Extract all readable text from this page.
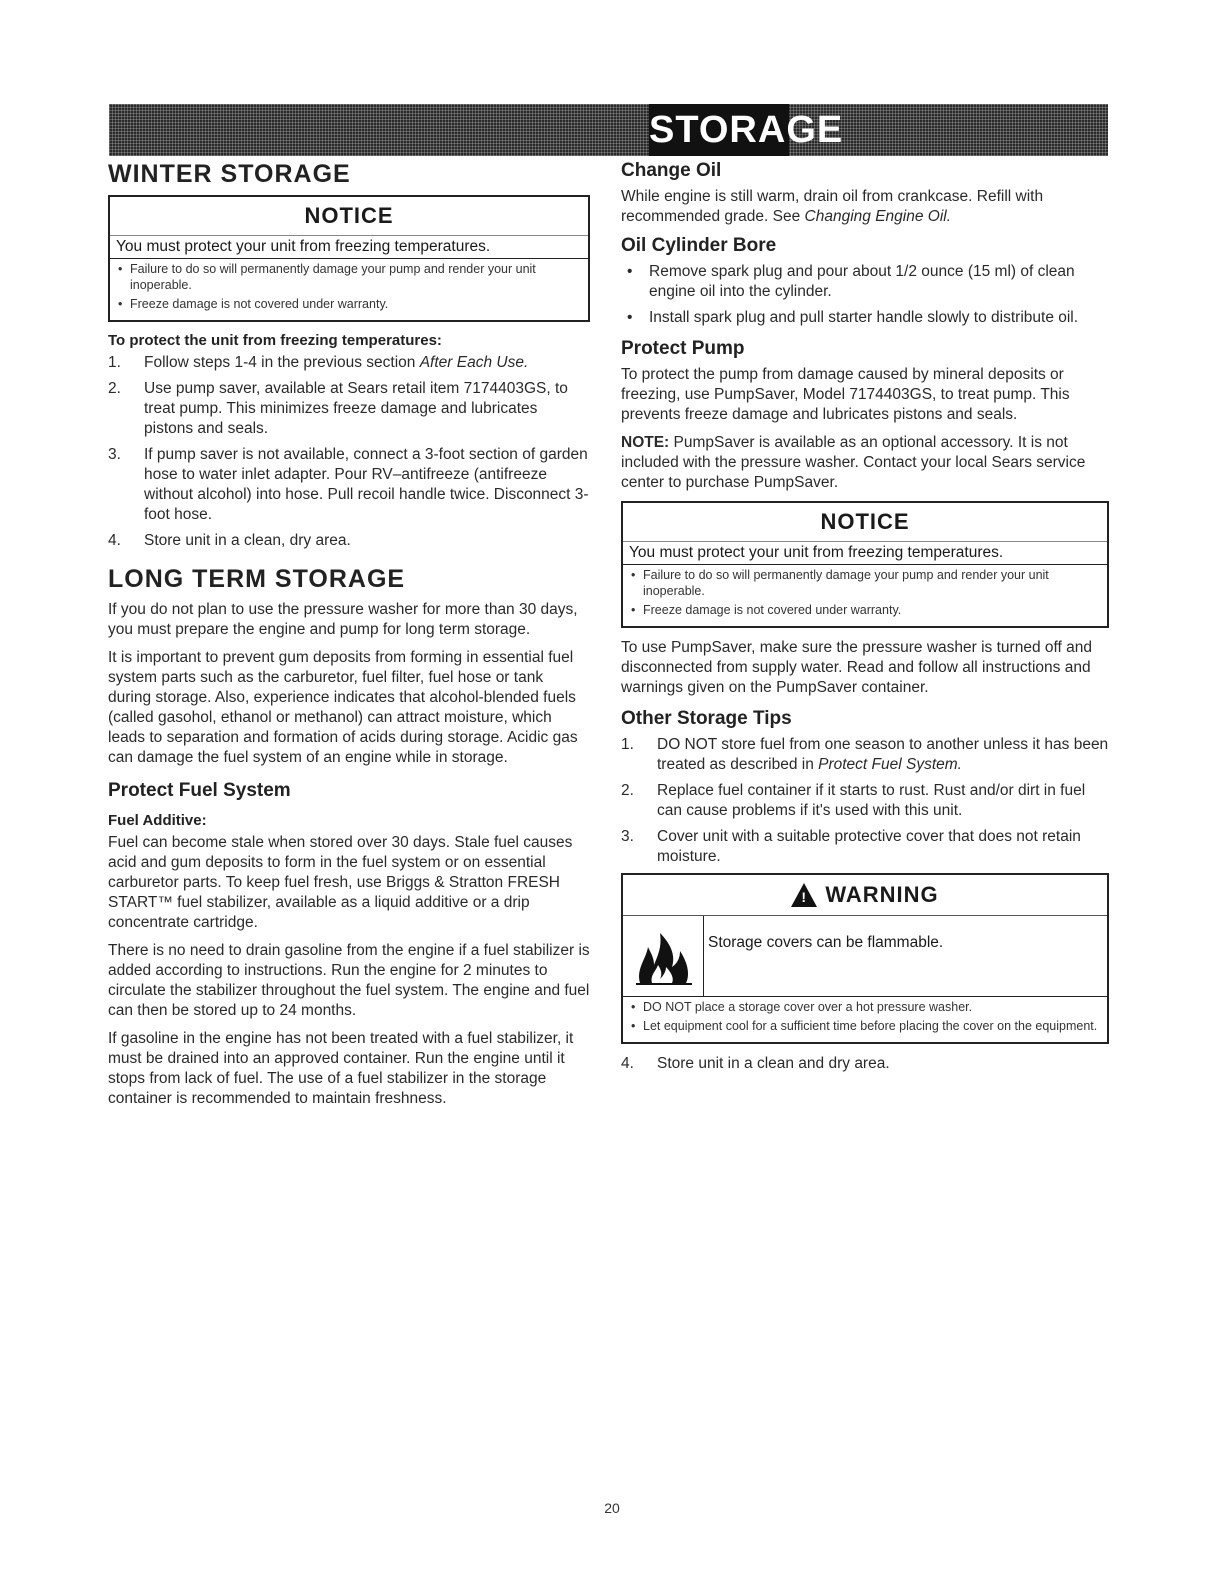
STORAGE
WINTER STORAGE
NOTICE
You must protect your unit from freezing temperatures.
• Failure to do so will permanently damage your pump and render your unit inoperable.
• Freeze damage is not covered under warranty.
To protect the unit from freezing temperatures:
1. Follow steps 1-4 in the previous section After Each Use.
2. Use pump saver, available at Sears retail item 7174403GS, to treat pump. This minimizes freeze damage and lubricates pistons and seals.
3. If pump saver is not available, connect a 3-foot section of garden hose to water inlet adapter. Pour RV–antifreeze (antifreeze without alcohol) into hose. Pull recoil handle twice. Disconnect 3-foot hose.
4. Store unit in a clean, dry area.
LONG TERM STORAGE

If you do not plan to use the pressure washer for more than 30 days, you must prepare the engine and pump for long term storage.

It is important to prevent gum deposits from forming in essential fuel system parts such as the carburetor, fuel filter, fuel hose or tank during storage. Also, experience indicates that alcohol-blended fuels (called gasohol, ethanol or methanol) can attract moisture, which leads to separation and formation of acids during storage. Acidic gas can damage the fuel system of an engine while in storage.

Protect Fuel System
Fuel Additive:

Fuel can become stale when stored over 30 days. Stale fuel causes acid and gum deposits to form in the fuel system or on essential carburetor parts. To keep fuel fresh, use Briggs & Stratton FRESH START™ fuel stabilizer, available as a liquid additive or a drip concentrate cartridge.

There is no need to drain gasoline from the engine if a fuel stabilizer is added according to instructions. Run the engine for 2 minutes to circulate the stabilizer throughout the fuel system. The engine and fuel can then be stored up to 24 months.

If gasoline in the engine has not been treated with a fuel stabilizer, it must be drained into an approved container. Run the engine until it stops from lack of fuel. The use of a fuel stabilizer in the storage container is recommended to maintain freshness.

Change Oil

While engine is still warm, drain oil from crankcase. Refill with recommended grade. See Changing Engine Oil.

Oil Cylinder Bore
• Remove spark plug and pour about 1/2 ounce (15 ml) of clean engine oil into the cylinder.
• Install spark plug and pull starter handle slowly to distribute oil.
Protect Pump

To protect the pump from damage caused by mineral deposits or freezing, use PumpSaver, Model 7174403GS, to treat pump. This prevents freeze damage and lubricates pistons and seals.

NOTE: PumpSaver is available as an optional accessory. It is not included with the pressure washer. Contact your local Sears service center to purchase PumpSaver.

NOTICE
You must protect your unit from freezing temperatures.
• Failure to do so will permanently damage your pump and render your unit inoperable.
• Freeze damage is not covered under warranty.

To use PumpSaver, make sure the pressure washer is turned off and disconnected from supply water. Read and follow all instructions and warnings given on the PumpSaver container.

Other Storage Tips
1. DO NOT store fuel from one season to another unless it has been treated as described in Protect Fuel System.
2. Replace fuel container if it starts to rust. Rust and/or dirt in fuel can cause problems if it's used with this unit.
3. Cover unit with a suitable protective cover that does not retain moisture.
! WARNING
Storage covers can be flammable.
• DO NOT place a storage cover over a hot pressure washer.
• Let equipment cool for a sufficient time before placing the cover on the equipment.
4. Store unit in a clean and dry area.
20
